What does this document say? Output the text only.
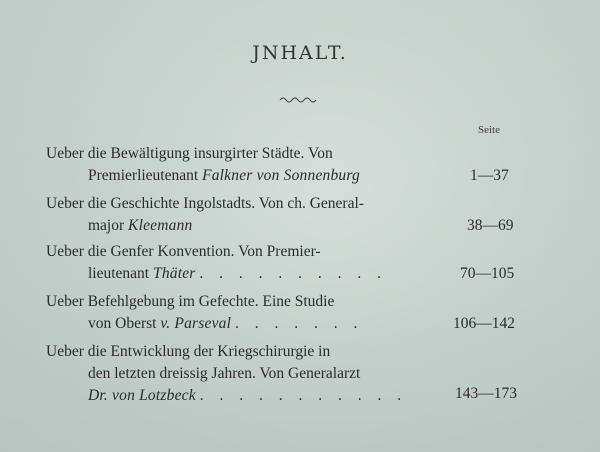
JNHALT.
Seite
Ueber die Bewältigung insurgirter Städte. Von
Premierlieutenant Falkner von Sonnenburg	1—37
Ueber die Geschichte Ingolstadts. Von ch. General-
major Kleemann	38—69
Ueber die Genfer Konvention. Von Premier-
lieutenant Thäter . . . . . . . . . .	70—105
Ueber Befehlgebung im Gefechte. Eine Studie
von Oberst v. Parseval . . . . . . .	106—142
Ueber die Entwicklung der Kriegschirurgie in
den letzten dreissig Jahren. Von Generalarzt
Dr. von Lotzbeck . . . . . . . . . . .	143—173
